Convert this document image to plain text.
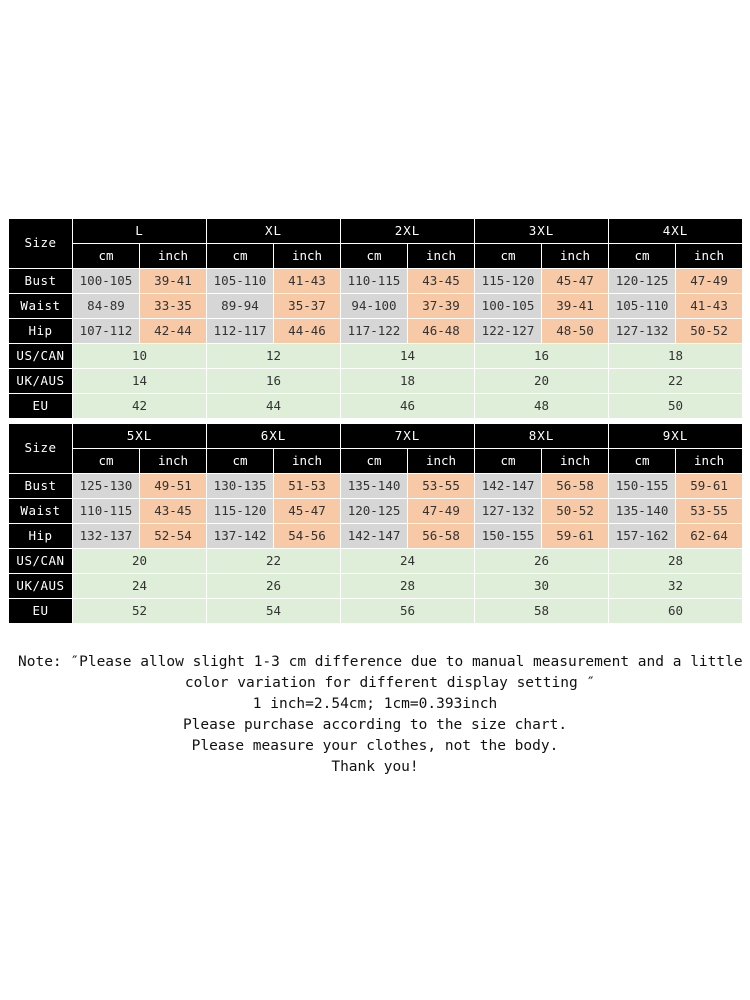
Size	L		XL		2XL		3XL		4XL	
	cm	inch	cm	inch	cm	inch	cm	inch	cm	inch
Bust	100-105	39-41	105-110	41-43	110-115	43-45	115-120	45-47	120-125	47-49
Waist	84-89	33-35	89-94	35-37	94-100	37-39	100-105	39-41	105-110	41-43
Hip	107-112	42-44	112-117	44-46	117-122	46-48	122-127	48-50	127-132	50-52
US/CAN	10		12		14		16		18	
UK/AUS	14		16		18		20		22	
EU	42		44		46		48		50	
Size	5XL		6XL		7XL		8XL		9XL	
	cm	inch	cm	inch	cm	inch	cm	inch	cm	inch
Bust	125-130	49-51	130-135	51-53	135-140	53-55	142-147	56-58	150-155	59-61
Waist	110-115	43-45	115-120	45-47	120-125	47-49	127-132	50-52	135-140	53-55
Hip	132-137	52-54	137-142	54-56	142-147	56-58	150-155	59-61	157-162	62-64
US/CAN	20		22		24		26		28	
UK/AUS	24		26		28		30		32	
EU	52		54		56		58		60	
Note: ″Please allow slight 1-3 cm difference due to manual measurement and a little
color variation for different display setting ″
1 inch=2.54cm; 1cm=0.393inch
Please purchase according to the size chart.
Please measure your clothes, not the body.
Thank you!
